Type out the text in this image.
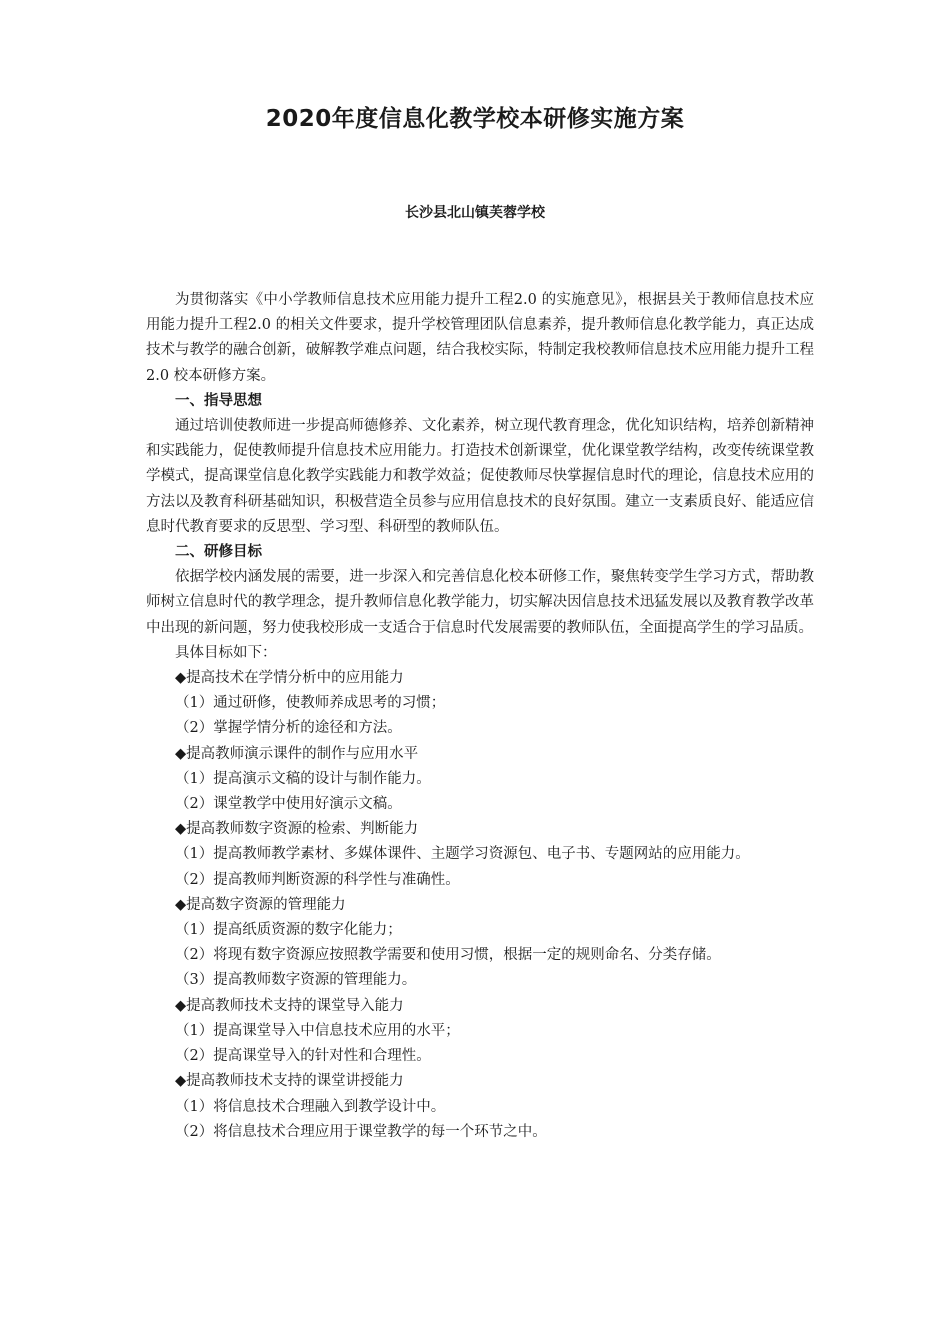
2020年度信息化教学校本研修实施方案
长沙县北山镇芙蓉学校

为贯彻落实《中小学教师信息技术应用能力提升工程2.0 的实施意见》，根据县关于教师信息技术应用能力提升工程2.0 的相关文件要求，提升学校管理团队信息素养，提升教师信息化教学能力，真正达成技术与教学的融合创新，破解教学难点问题，结合我校实际，特制定我校教师信息技术应用能力提升工程2.0 校本研修方案。

一、指导思想

通过培训使教师进一步提高师德修养、文化素养，树立现代教育理念，优化知识结构，培养创新精神和实践能力，促使教师提升信息技术应用能力。打造技术创新课堂，优化课堂教学结构，改变传统课堂教学模式，提高课堂信息化教学实践能力和教学效益；促使教师尽快掌握信息时代的理论，信息技术应用的方法以及教育科研基础知识，积极营造全员参与应用信息技术的良好氛围。建立一支素质良好、能适应信息时代教育要求的反思型、学习型、科研型的教师队伍。

二、研修目标

依据学校内涵发展的需要，进一步深入和完善信息化校本研修工作，聚焦转变学生学习方式，帮助教师树立信息时代的教学理念，提升教师信息化教学能力，切实解决因信息技术迅猛发展以及教育教学改革中出现的新问题，努力使我校形成一支适合于信息时代发展需要的教师队伍，全面提高学生的学习品质。

具体目标如下：

◆提高技术在学情分析中的应用能力

（1）通过研修，使教师养成思考的习惯；

（2）掌握学情分析的途径和方法。

◆提高教师演示课件的制作与应用水平

（1）提高演示文稿的设计与制作能力。

（2）课堂教学中使用好演示文稿。

◆提高教师数字资源的检索、判断能力

（1）提高教师教学素材、多媒体课件、主题学习资源包、电子书、专题网站的应用能力。

（2）提高教师判断资源的科学性与准确性。

◆提高数字资源的管理能力

（1）提高纸质资源的数字化能力；

（2）将现有数字资源应按照教学需要和使用习惯，根据一定的规则命名、分类存储。

（3）提高教师数字资源的管理能力。

◆提高教师技术支持的课堂导入能力

（1）提高课堂导入中信息技术应用的水平；

（2）提高课堂导入的针对性和合理性。

◆提高教师技术支持的课堂讲授能力

（1）将信息技术合理融入到教学设计中。

（2）将信息技术合理应用于课堂教学的每一个环节之中。
